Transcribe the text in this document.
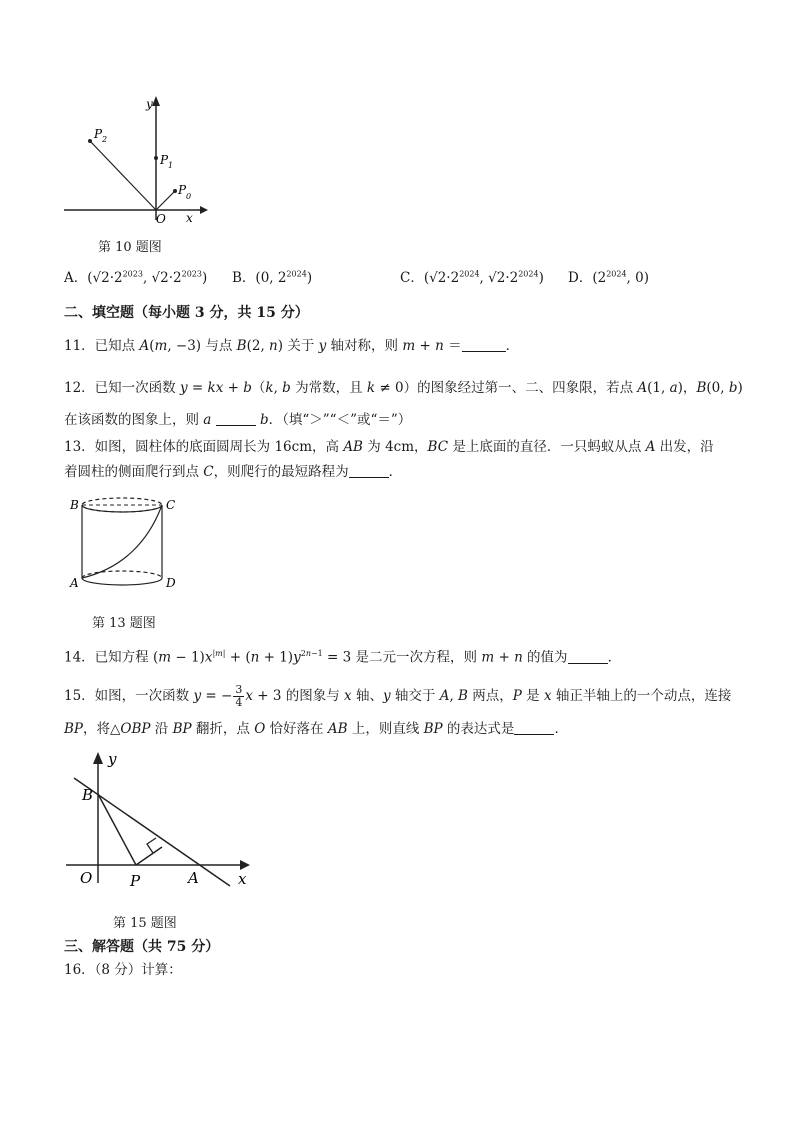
y
x
O
P 2
P 1
P 0
第 10 题图
A．($√2\cdot 2^{2023}$, $√2\cdot 2^{2023}$) B．(0, $2^{2024}$)	C．($√2\cdot 2^{2024}$, $√2\cdot 2^{2024}$) D．($2^{2024}$, 0)
二、填空题（每小题 3 分，共 15 分）
11．已知点 A(m, −3) 与点 B(2, n) 关于 y 轴对称，则 m + n ＝	．
12．已知一次函数 y = kx + b（k, b 为常数，且 k ≠ 0）的图象经过第一、二、四象限，若点 A(1, a)，B(0, b)
在该函数的图象上，则 a	b．（填“＞”“＜”或“＝”）
13．如图，圆柱体的底面圆周长为 16cm，高 AB 为 4cm，BC 是上底面的直径．一只蚂蚁从点 A 出发，沿
着圆柱的侧面爬行到点 C，则爬行的最短路程为	．
B	C
A	D
第 13 题图
14．已知方程 $(m - 1)x^{|m|} + (n + 1)y^{2n-1} = 3$ 是二元一次方程，则 m + n 的值为	．
15．如图，一次函数 y = − $\frac{3}{4}$ x + 3 的图象与 x 轴、y 轴交于 A, B 两点，P 是 x 轴正半轴上的一个动点，连接
BP，将△OBP 沿 BP 翻折，点 O 恰好落在 AB 上，则直线 BP 的表达式是	．
y
x
B
O	P	A
第 15 题图
三、解答题（共 75 分）
16．（8 分）计算：
